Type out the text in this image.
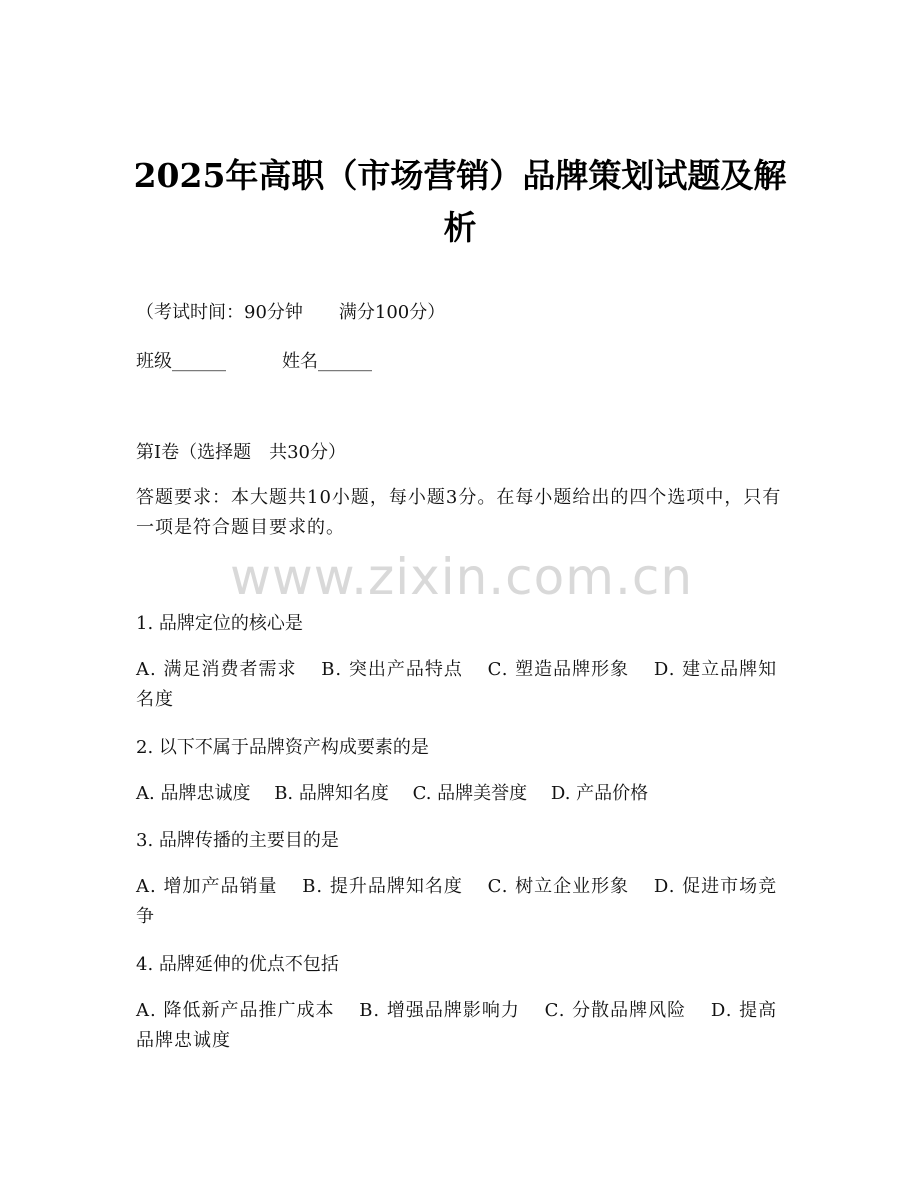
2025年高职（市场营销）品牌策划试题及解析
（考试时间：90分钟　　满分100分）
班级______	姓名______
第I卷（选择题　共30分）
答题要求：本大题共10小题，每小题3分。在每小题给出的四个选项中，只有一项是符合题目要求的。
www.zixin.com.cn
1. 品牌定位的核心是
A. 满足消费者需求 B. 突出产品特点 C. 塑造品牌形象 D. 建立品牌知名度
2. 以下不属于品牌资产构成要素的是
A. 品牌忠诚度 B. 品牌知名度 C. 品牌美誉度 D. 产品价格
3. 品牌传播的主要目的是
A. 增加产品销量 B. 提升品牌知名度 C. 树立企业形象 D. 促进市场竞争
4. 品牌延伸的优点不包括
A. 降低新产品推广成本 B. 增强品牌影响力 C. 分散品牌风险 D. 提高品牌忠诚度
